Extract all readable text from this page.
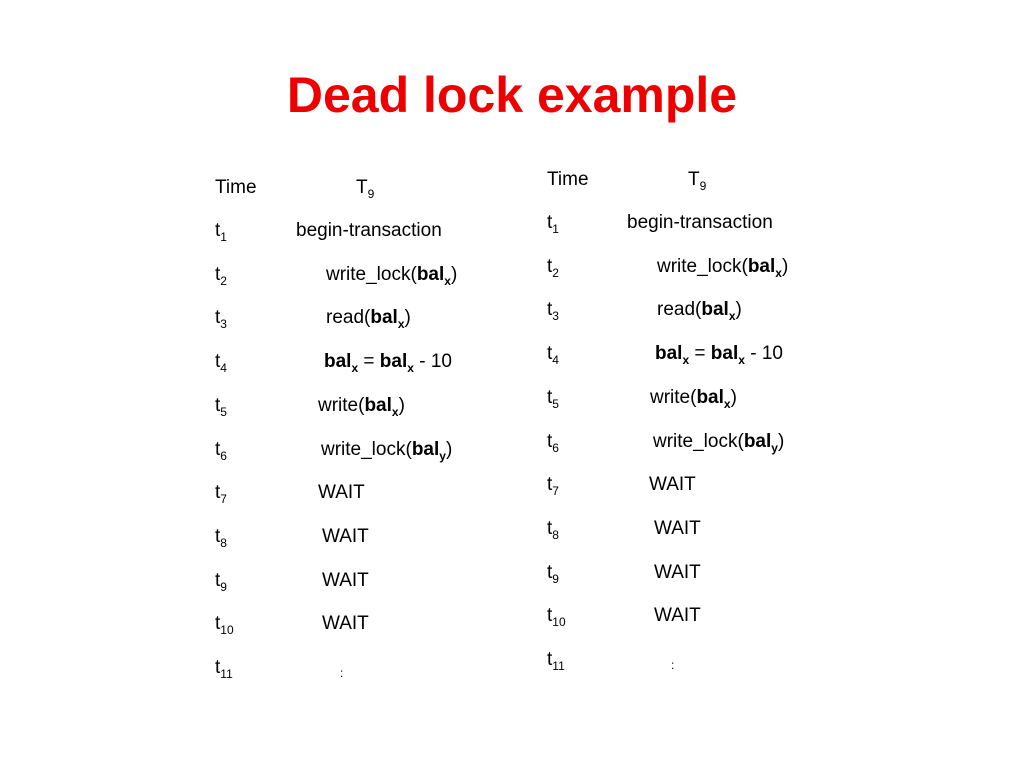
Dead lock example
Time	$T_9$
$t_1$	begin-transaction
$t_2$	write_lock(bal$_x$)
$t_3$	read(bal$_x$)
$t_4$	bal$_x$ = bal$_x$ - 10
$t_5$	write(bal$_x$)
$t_6$	write_lock(bal$_y$)
$t_7$	WAIT
$t_8$	WAIT
$t_9$	WAIT
$t_{10}$	WAIT
$t_{11}$	$_:$
Time	$T_9$
$t_1$	begin-transaction
$t_2$	write_lock(bal$_x$)
$t_3$	read(bal$_x$)
$t_4$	bal$_x$ = bal$_x$ - 10
$t_5$	write(bal$_x$)
$t_6$	write_lock(bal$_y$)
$t_7$	WAIT
$t_8$	WAIT
$t_9$	WAIT
$t_{10}$	WAIT
$t_{11}$	$_:$
